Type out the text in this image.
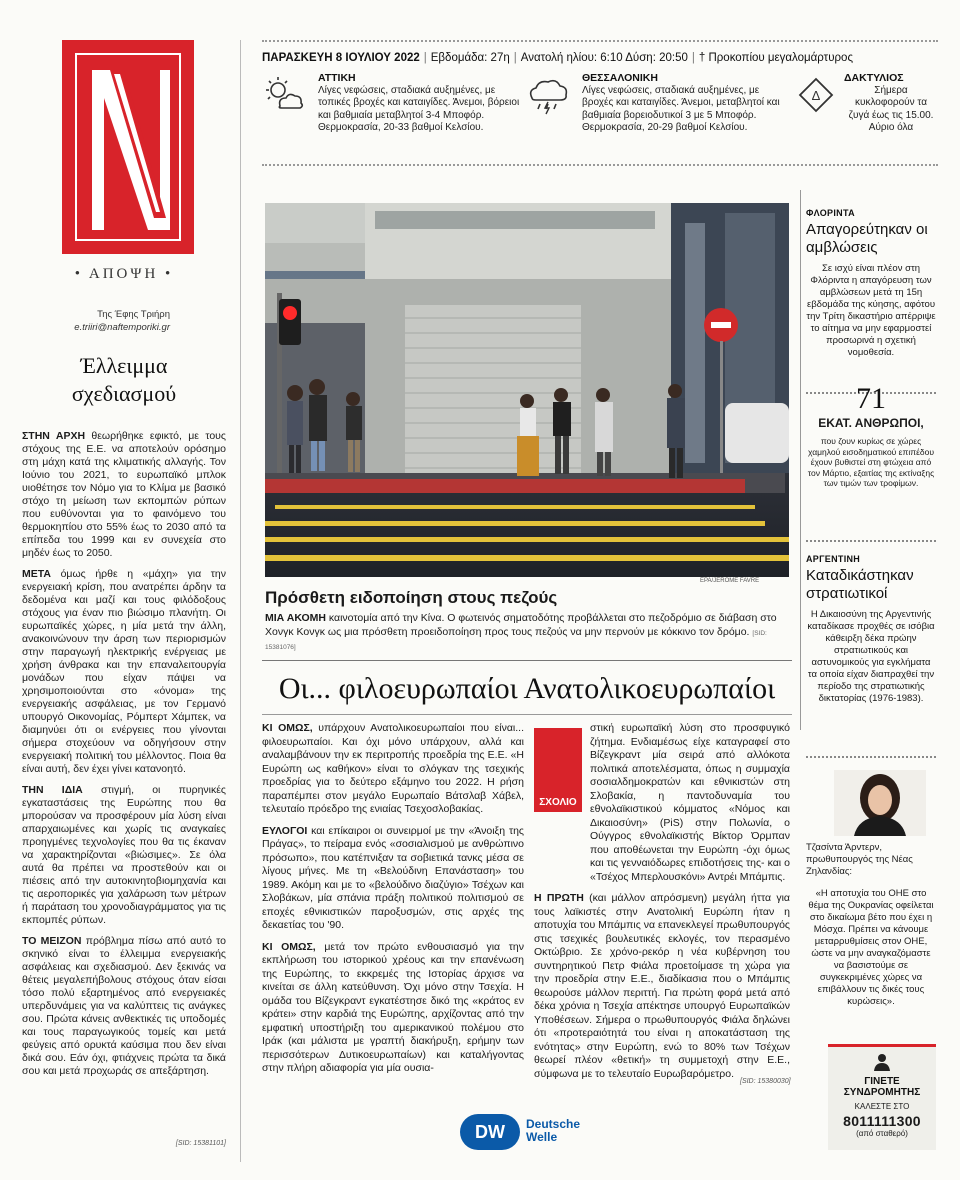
• ΑΠΟΨΗ •
Της Έφης Τριήρη
e.triiri@naftemporiki.gr
Έλλειμμα
σχεδιασμού

ΣΤΗΝ ΑΡΧΗ θεωρήθηκε εφικτό, με τους στόχους της Ε.Ε. να αποτελούν ορόσημο στη μάχη κατά της κλιματικής αλλαγής. Τον Ιούνιο του 2021, το ευρωπαϊκό μπλοκ υιοθέτησε τον Νόμο για το Κλίμα με βασικό στόχο τη μείωση των εκπομπών ρύπων που ευθύνονται για το φαινόμενο του θερμοκηπίου στο 55% έως το 2030 από τα επίπεδα του 1999 και εν συνεχεία στο μηδέν έως το 2050.

ΜΕΤΑ όμως ήρθε η «μάχη» για την ενεργειακή κρίση, που ανατρέπει άρδην τα δεδομένα και μαζί και τους φιλόδοξους στόχους για έναν πιο βιώσιμο πλανήτη. Οι ευρωπαϊκές χώρες, η μία μετά την άλλη, ανακοινώνουν την άρση των περιορισμών στην παραγωγή ηλεκτρικής ενέργειας με χρήση άνθρακα και την επαναλειτουργία μονάδων που είχαν πάψει να χρησιμοποιούνται στο «όνομα» της ενεργειακής ασφάλειας, με τον Γερμανό υπουργό Οικονομίας, Ρόμπερτ Χάμπεκ, να διαμηνύει ότι οι ενέργειες που γίνονται σήμερα στοχεύουν να οδηγήσουν στην ενεργειακή πολιτική του μέλλοντος. Ποια θα είναι αυτή, δεν έχει γίνει κατανοητό.

ΤΗΝ ΙΔΙΑ στιγμή, οι πυρηνικές εγκαταστάσεις της Ευρώπης που θα μπορούσαν να προσφέρουν μία λύση είναι απαρχαιωμένες και χωρίς τις αναγκαίες προηγμένες τεχνολογίες που θα τις έκαναν να χαρακτηρίζονται «βιώσιμες». Σε όλα αυτά θα πρέπει να προστεθούν και οι πιέσεις από την αυτοκινητοβιομηχανία και τις αεροπορικές για χαλάρωση των μέτρων ή παράταση του χρονοδιαγράμματος για τις εκπομπές ρύπων.

ΤΟ ΜΕΙΖΟΝ πρόβλημα πίσω από αυτό το σκηνικό είναι το έλλειμμα ενεργειακής ασφάλειας και σχεδιασμού. Δεν ξεκινάς να θέτεις μεγαλεπήβολους στόχους όταν είσαι τόσο πολύ εξαρτημένος από ενεργειακές υπερδυνάμεις για να καλύπτεις τις ανάγκες σου. Πρώτα κάνεις ανθεκτικές τις υποδομές και τους παραγωγικούς τομείς και μετά φεύγεις από ορυκτά καύσιμα που δεν είναι δικά σου. Εάν όχι, φτιάχνεις πρώτα τα δικά σου και μετά προχωράς σε απεξάρτηση.

[SID: 15381101]
ΠΑΡΑΣΚΕΥΗ 8 ΙΟΥΛΙΟΥ 2022 | Εβδομάδα: 27η | Ανατολή ηλίου: 6:10 Δύση: 20:50 | † Προκοπίου μεγαλομάρτυρος
ΑΤΤΙΚΗ
Λίγες νεφώσεις, σταδιακά αυξημένες, με τοπικές βροχές και καταιγίδες. Άνεμοι, βόρειοι και βαθμιαία μεταβλητοί 3-4 Μποφόρ. Θερμοκρασία, 20-33 βαθμοί Κελσίου.
ΘΕΣΣΑΛΟΝΙΚΗ
Λίγες νεφώσεις, σταδιακά αυξημένες, με βροχές και καταιγίδες. Άνεμοι, μεταβλητοί και βαθμιαία βορειοδυτικοί 3 με 5 Μποφόρ. Θερμοκρασία, 20-29 βαθμοί Κελσίου.
Δ
ΔΑΚΤΥΛΙΟΣ
Σήμερα κυκλοφορούν τα ζυγά έως τις 15.00. Αύριο όλα
EPA/JEROME FAVRE
Πρόσθετη ειδοποίηση στους πεζούς
ΜΙΑ ΑΚΟΜΗ καινοτομία από την Κίνα. Ο φωτεινός σηματοδότης προβάλλεται στο πεζοδρόμιο σε διάβαση στο Χονγκ Κονγκ ως μια πρόσθετη προειδοποίηση προς τους πεζούς να μην περνούν με κόκκινο τον δρόμο. [SID: 15381076]
Οι... φιλοευρωπαίοι Ανατολικοευρωπαίοι

ΚΙ ΟΜΩΣ, υπάρχουν Ανατολικοευρωπαίοι που είναι... φιλοευρωπαίοι. Και όχι μόνο υπάρχουν, αλλά και αναλαμβάνουν την εκ περιτροπής προεδρία της Ε.Ε. «Η Ευρώπη ως καθήκον» είναι το σλόγκαν της τσεχικής προεδρίας για το δεύτερο εξάμηνο του 2022. Η ρήση παραπέμπει στον μεγάλο Ευρωπαίο Βάτσλαβ Χάβελ, τελευταίο πρόεδρο της ενιαίας Τσεχοσλοβακίας.

ΕΥΛΟΓΟΙ και επίκαιροι οι συνειρμοί με την «Άνοιξη της Πράγας», το πείραμα ενός «σοσιαλισμού με ανθρώπινο πρόσωπο», που κατέπνιξαν τα σοβιετικά τανκς μέσα σε λίγους μήνες. Με τη «Βελούδινη Επανάσταση» του 1989. Ακόμη και με το «βελούδινο διαζύγιο» Τσέχων και Σλοβάκων, μία σπάνια πράξη πολιτικού πολιτισμού σε εποχές εθνικιστικών παροξυσμών, στις αρχές της δεκαετίας του '90.

ΚΙ ΟΜΩΣ, μετά τον πρώτο ενθουσιασμό για την εκπλήρωση του ιστορικού χρέους και την επανένωση της Ευρώπης, το εκκρεμές της Ιστορίας άρχισε να κινείται σε άλλη κατεύθυνση. Όχι μόνο στην Τσεχία. Η ομάδα του Βίζεγκραντ εγκατέστησε δικό της «κράτος εν κράτει» στην καρδιά της Ευρώπης, αρχίζοντας από την εμφατική υποστήριξη του αμερικανικού πολέμου στο Ιράκ (και μάλιστα με γραπτή διακήρυξη, ερήμην των περισσότερων Δυτικοευρωπαίων) και καταλήγοντας στην πλήρη αδιαφορία για μία ουσια-

ΣΧΟΛΙΟ

στική ευρωπαϊκή λύση στο προσφυγικό ζήτημα. Ενδιαμέσως είχε καταγραφεί στο Βίζεγκραντ μία σειρά από αλλόκοτα πολιτικά αποτελέσματα, όπως η συμμαχία σοσιαλδημοκρατών και εθνικιστών στη Σλοβακία, η παντοδυναμία του εθνολαϊκιστικού κόμματος «Νόμος και Δικαιοσύνη» (PiS) στην Πολωνία, ο Ούγγρος εθνολαϊκιστής Βίκτορ Όρμπαν που αποθέωνεται την Ευρώπη -όχι όμως και τις γενναιόδωρες επιδοτήσεις της- και ο «Τσέχος Μπερλουσκόνι» Αντρέι Μπάμπις.

Η ΠΡΩΤΗ (και μάλλον απρόσμενη) μεγάλη ήττα για τους λαϊκιστές στην Ανατολική Ευρώπη ήταν η αποτυχία του Μπάμπις να επανεκλεγεί πρωθυπουργός στις τσεχικές βουλευτικές εκλογές, τον περασμένο Οκτώβριο. Σε χρόνο-ρεκόρ η νέα κυβέρνηση του συντηρητικού Πετρ Φιάλα προετοίμασε τη χώρα για την προεδρία στην Ε.Ε., διαδίκασια που ο Μπάμπις θεωρούσε μάλλον περιττή. Για πρώτη φορά μετά από δέκα χρόνια η Τσεχία απέκτησε υπουργό Ευρωπαϊκών Υποθέσεων. Σήμερα ο πρωθυπουργός Φιάλα δηλώνει ότι «προτεραιότητά του είναι η αποκατάσταση της ενότητας» στην Ευρώπη, ενώ το 80% των Τσέχων θεωρεί πλέον «θετική» τη συμμετοχή στην Ε.Ε., σύμφωνα με το τελευταίο Ευρωβαρόμετρο.

[SID: 15380030]
DW	Deutsche
Welle
ΦΛΟΡΙΝΤΑ
Απαγορεύτηκαν οι αμβλώσεις
Σε ισχύ είναι πλέον στη Φλόριντα η απαγόρευση των αμβλώσεων μετά τη 15η εβδομάδα της κύησης, αφότου την Τρίτη δικαστήριο απέρριψε το αίτημα να μην εφαρμοστεί προσωρινά η σχετική νομοθεσία.
71
ΕΚΑΤ. ΑΝΘΡΩΠΟΙ,
που ζουν κυρίως σε χώρες χαμηλού εισοδηματικού επιπέδου έχουν βυθιστεί στη φτώχεια από τον Μάρτιο, εξαιτίας της εκτίναξης των τιμών των τροφίμων.
ΑΡΓΕΝΤΙΝΗ
Καταδικάστηκαν στρατιωτικοί
Η Δικαιοσύνη της Αργεντινής καταδίκασε προχθές σε ισόβια κάθειρξη δέκα πρώην στρατιωτικούς και αστυνομικούς για εγκλήματα τα οποία είχαν διαπραχθεί την περίοδο της στρατιωτικής δικτατορίας (1976-1983).
Τζασίντα Άρντερν, πρωθυπουργός της Νέας Ζηλανδίας:
«Η αποτυχία του ΟΗΕ στο θέμα της Ουκρανίας οφείλεται στο δικαίωμα βέτο που έχει η Μόσχα. Πρέπει να κάνουμε μεταρρυθμίσεις στον ΟΗΕ, ώστε να μην αναγκαζόμαστε να βασιστούμε σε συγκεκριμένες χώρες να επιβάλλουν τις δικές τους κυρώσεις».
ΓΙΝΕΤΕ
ΣΥΝΔΡΟΜΗΤΗΣ
ΚΑΛΕΣΤΕ ΣΤΟ
8011111300
(από σταθερό)
